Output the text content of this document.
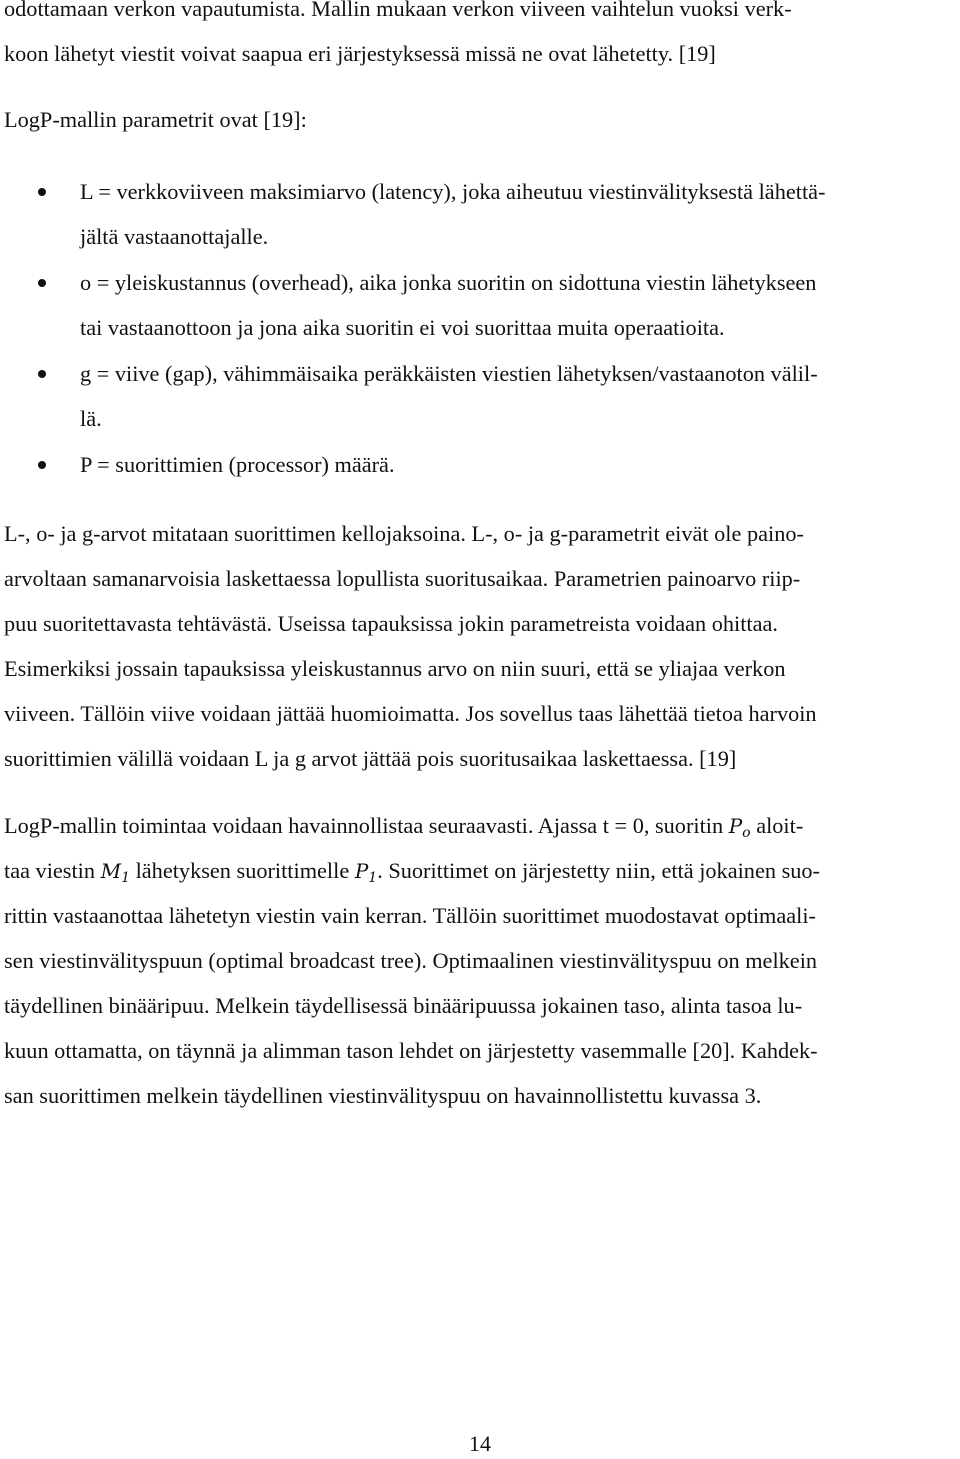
odottamaan verkon vapautumista. Mallin mukaan verkon viiveen vaihtelun vuoksi verk-
koon lähetyt viestit voivat saapua eri järjestyksessä missä ne ovat lähetetty. [19]
LogP-mallin parametrit ovat [19]:
L = verkkoviiveen maksimiarvo (latency), joka aiheutuu viestinvälityksestä lähettä-
jältä vastaanottajalle.
o = yleiskustannus (overhead), aika jonka suoritin on sidottuna viestin lähetykseen
tai vastaanottoon ja jona aika suoritin ei voi suorittaa muita operaatioita.
g = viive (gap), vähimmäisaika peräkkäisten viestien lähetyksen/vastaanoton välil-
lä.
P = suorittimien (processor) määrä.
L-, o- ja g-arvot mitataan suorittimen kellojaksoina. L-, o- ja g-parametrit eivät ole paino-
arvoltaan samanarvoisia laskettaessa lopullista suoritusaikaa. Parametrien painoarvo riip-
puu suoritettavasta tehtävästä. Useissa tapauksissa jokin parametreista voidaan ohittaa.
Esimerkiksi jossain tapauksissa yleiskustannus arvo on niin suuri, että se yliajaa verkon
viiveen. Tällöin viive voidaan jättää huomioimatta. Jos sovellus taas lähettää tietoa harvoin
suorittimien välillä voidaan L ja g arvot jättää pois suoritusaikaa laskettaessa. [19]
LogP-mallin toimintaa voidaan havainnollistaa seuraavasti. Ajassa t = 0, suoritin $P_o$ aloit-
taa viestin $M_1$ lähetyksen suorittimelle $P_1$. Suorittimet on järjestetty niin, että jokainen suo-
rittin vastaanottaa lähetetyn viestin vain kerran. Tällöin suorittimet muodostavat optimaali-
sen viestinvälityspuun (optimal broadcast tree). Optimaalinen viestinvälityspuu on melkein
täydellinen binääripuu. Melkein täydellisessä binääripuussa jokainen taso, alinta tasoa lu-
kuun ottamatta, on täynnä ja alimman tason lehdet on järjestetty vasemmalle [20]. Kahdek-
san suorittimen melkein täydellinen viestinvälityspuu on havainnollistettu kuvassa 3.
14
